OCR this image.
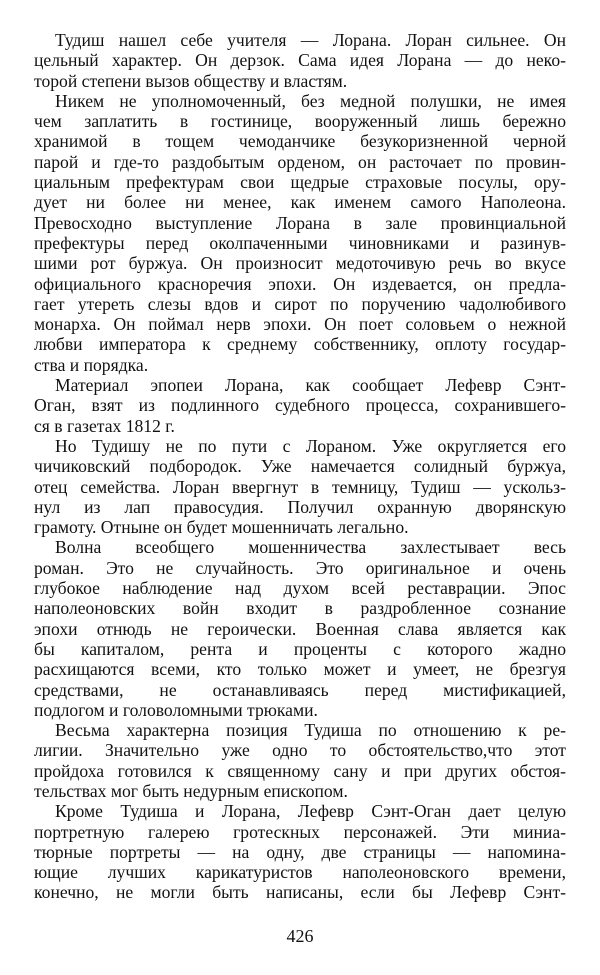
Тудиш нашел себе учителя — Лорана. Лоран сильнее. Он
цельный характер. Он дерзок. Сама идея Лорана — до неко-
торой степени вызов обществу и властям.
Никем не уполномоченный, без медной полушки, не имея
чем заплатить в гостинице, вооруженный лишь бережно
хранимой в тощем чемоданчике безукоризненной черной
парой и где-то раздобытым орденом, он расточает по провин-
циальным префектурам свои щедрые страховые посулы, ору-
дует ни более ни менее, как именем самого Наполеона.
Превосходно выступление Лорана в зале провинциальной
префектуры перед околпаченными чиновниками и разинув-
шими рот буржуа. Он произносит медоточивую речь во вкусе
официального красноречия эпохи. Он издевается, он предла-
гает утереть слезы вдов и сирот по поручению чадолюбивого
монарха. Он поймал нерв эпохи. Он поет соловьем о нежной
любви императора к среднему собственнику, оплоту государ-
ства и порядка.
Материал эпопеи Лорана, как сообщает Лефевр Сэнт-
Оган, взят из подлинного судебного процесса, сохранившего-
ся в газетах 1812 г.
Но Тудишу не по пути с Лораном. Уже округляется его
чичиковский подбородок. Уже намечается солидный буржуа,
отец семейства. Лоран ввергнут в темницу, Тудиш — ускольз-
нул из лап правосудия. Получил охранную дворянскую
грамоту. Отныне он будет мошенничать легально.
Волна всеобщего мошенничества захлестывает весь
роман. Это не случайность. Это оригинальное и очень
глубокое наблюдение над духом всей реставрации. Эпос
наполеоновских войн входит в раздробленное сознание
эпохи отнюдь не героически. Военная слава является как
бы капиталом, рента и проценты с которого жадно
расхищаются всеми, кто только может и умеет, не брезгуя
средствами, не останавливаясь перед мистификацией,
подлогом и головоломными трюками.
Весьма характерна позиция Тудиша по отношению к ре-
лигии. Значительно уже одно то обстоятельство,что этот
пройдоха готовился к священному сану и при других обстоя-
тельствах мог быть недурным епископом.
Кроме Тудиша и Лорана, Лефевр Сэнт-Оган дает целую
портретную галерею гротескных персонажей. Эти миниа-
тюрные портреты — на одну, две страницы — напомина-
ющие лучших карикатуристов наполеоновского времени,
конечно, не могли быть написаны, если бы Лефевр Сэнт-
426
